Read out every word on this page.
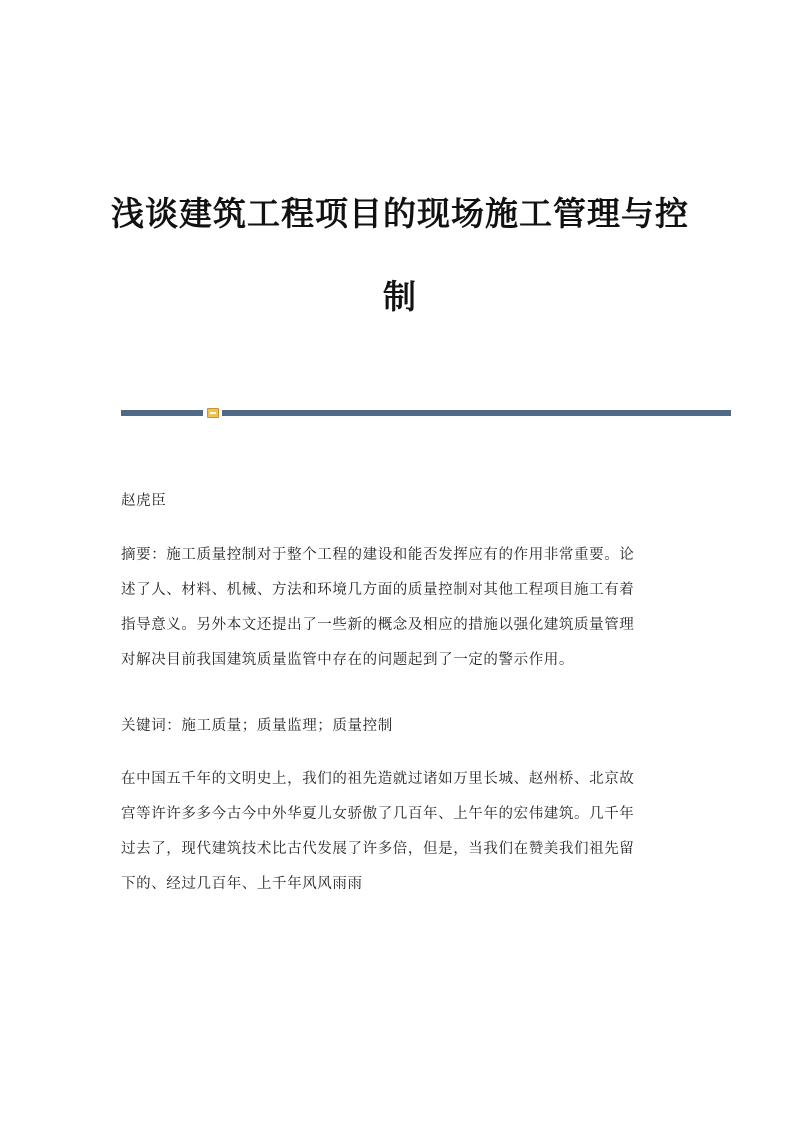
浅谈建筑工程项目的现场施工管理与控
制
赵虎臣
摘要：施工质量控制对于整个工程的建设和能否发挥应有的作用非常重要。论
述了人、材料、机械、方法和环境几方面的质量控制对其他工程项目施工有着
指导意义。另外本文还提出了一些新的概念及相应的措施以强化建筑质量管理
对解决目前我国建筑质量监管中存在的问题起到了一定的警示作用。
关键词：施工质量；质量监理；质量控制
在中国五千年的文明史上，我们的祖先造就过诸如万里长城、赵州桥、北京故
宫等许许多多今古今中外华夏儿女骄傲了几百年、上午年的宏伟建筑。几千年
过去了，现代建筑技术比古代发展了许多倍，但是，当我们在赞美我们祖先留
下的、经过几百年、上千年风风雨雨
